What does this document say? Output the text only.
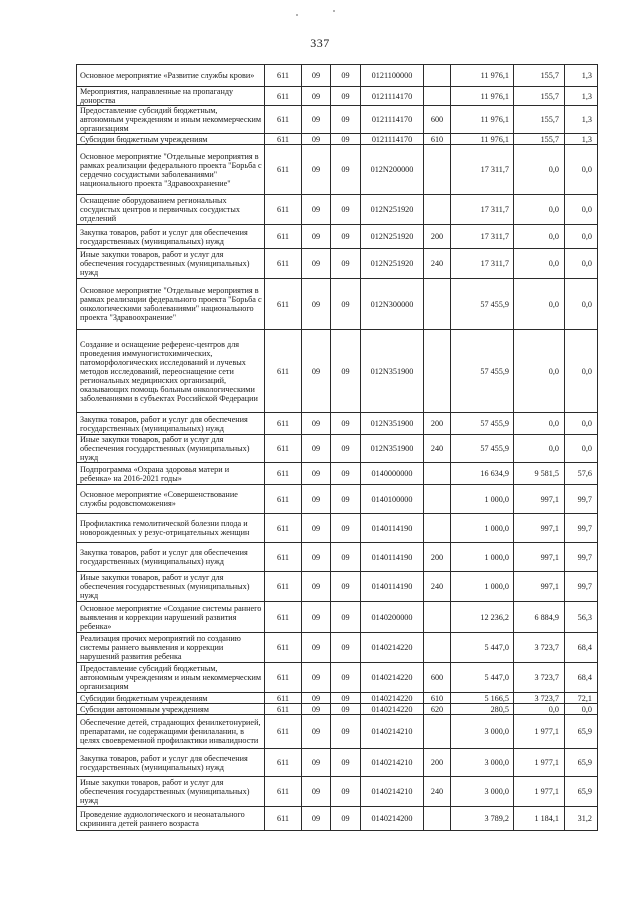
337
Основное мероприятие «Развитие службы крови»	611	09	09	0121100000		11 976,1	155,7	1,3
Мероприятия, направленные на пропаганду донорства	611	09	09	0121114170		11 976,1	155,7	1,3
Предоставление субсидий бюджетным, автономным учреждениям и иным некоммерческим организациям	611	09	09	0121114170	600	11 976,1	155,7	1,3
Субсидии бюджетным учреждениям	611	09	09	0121114170	610	11 976,1	155,7	1,3
Основное мероприятие "Отдельные мероприятия в рамках реализации федерального проекта "Борьба с сердечно сосудистыми заболеваниями" национального проекта "Здравоохранение"	611	09	09	012N200000		17 311,7	0,0	0,0
Оснащение оборудованием региональных сосудистых центров и первичных сосудистых отделений	611	09	09	012N251920		17 311,7	0,0	0,0
Закупка товаров, работ и услуг для обеспечения государственных (муниципальных) нужд	611	09	09	012N251920	200	17 311,7	0,0	0,0
Иные закупки товаров, работ и услуг для обеспечения государственных (муниципальных) нужд	611	09	09	012N251920	240	17 311,7	0,0	0,0
Основное мероприятие "Отдельные мероприятия в рамках реализации федерального проекта "Борьба с онкологическими заболеваниями" национального проекта "Здравоохранение"	611	09	09	012N300000		57 455,9	0,0	0,0
Создание и оснащение референс-центров для проведения иммуногистохимических, патоморфологических исследований и лучевых методов исследований, переоснащение сети региональных медицинских организаций, оказывающих помощь больным онкологическими заболеваниями в субъектах Российской Федерации	611	09	09	012N351900		57 455,9	0,0	0,0
Закупка товаров, работ и услуг для обеспечения государственных (муниципальных) нужд	611	09	09	012N351900	200	57 455,9	0,0	0,0
Иные закупки товаров, работ и услуг для обеспечения государственных (муниципальных) нужд	611	09	09	012N351900	240	57 455,9	0,0	0,0
Подпрограмма «Охрана здоровья матери и ребенка» на 2016-2021 годы»	611	09	09	0140000000		16 634,9	9 581,5	57,6
Основное мероприятие «Совершенствование службы родовспоможения»	611	09	09	0140100000		1 000,0	997,1	99,7
Профилактика гемолитической болезни плода и новорожденных у резус-отрицательных женщин	611	09	09	0140114190		1 000,0	997,1	99,7
Закупка товаров, работ и услуг для обеспечения государственных (муниципальных) нужд	611	09	09	0140114190	200	1 000,0	997,1	99,7
Иные закупки товаров, работ и услуг для обеспечения государственных (муниципальных) нужд	611	09	09	0140114190	240	1 000,0	997,1	99,7
Основное мероприятие «Создание системы раннего выявления и коррекции нарушений развития ребенка»	611	09	09	0140200000		12 236,2	6 884,9	56,3
Реализация прочих мероприятий по созданию системы раннего выявления и коррекции нарушений развития ребенка	611	09	09	0140214220		5 447,0	3 723,7	68,4
Предоставление субсидий бюджетным, автономным учреждениям и иным некоммерческим организациям	611	09	09	0140214220	600	5 447,0	3 723,7	68,4
Субсидии бюджетным учреждениям	611	09	09	0140214220	610	5 166,5	3 723,7	72,1
Субсидии автономным учреждениям	611	09	09	0140214220	620	280,5	0,0	0,0
Обеспечение детей, страдающих фенилкетонурией, препаратами, не содержащими фенилаланин, в целях своевременной профилактики инвалидности	611	09	09	0140214210		3 000,0	1 977,1	65,9
Закупка товаров, работ и услуг для обеспечения государственных (муниципальных) нужд	611	09	09	0140214210	200	3 000,0	1 977,1	65,9
Иные закупки товаров, работ и услуг для обеспечения государственных (муниципальных) нужд	611	09	09	0140214210	240	3 000,0	1 977,1	65,9
Проведение аудиологического и неонатального скрининга детей раннего возраста	611	09	09	0140214200		3 789,2	1 184,1	31,2
